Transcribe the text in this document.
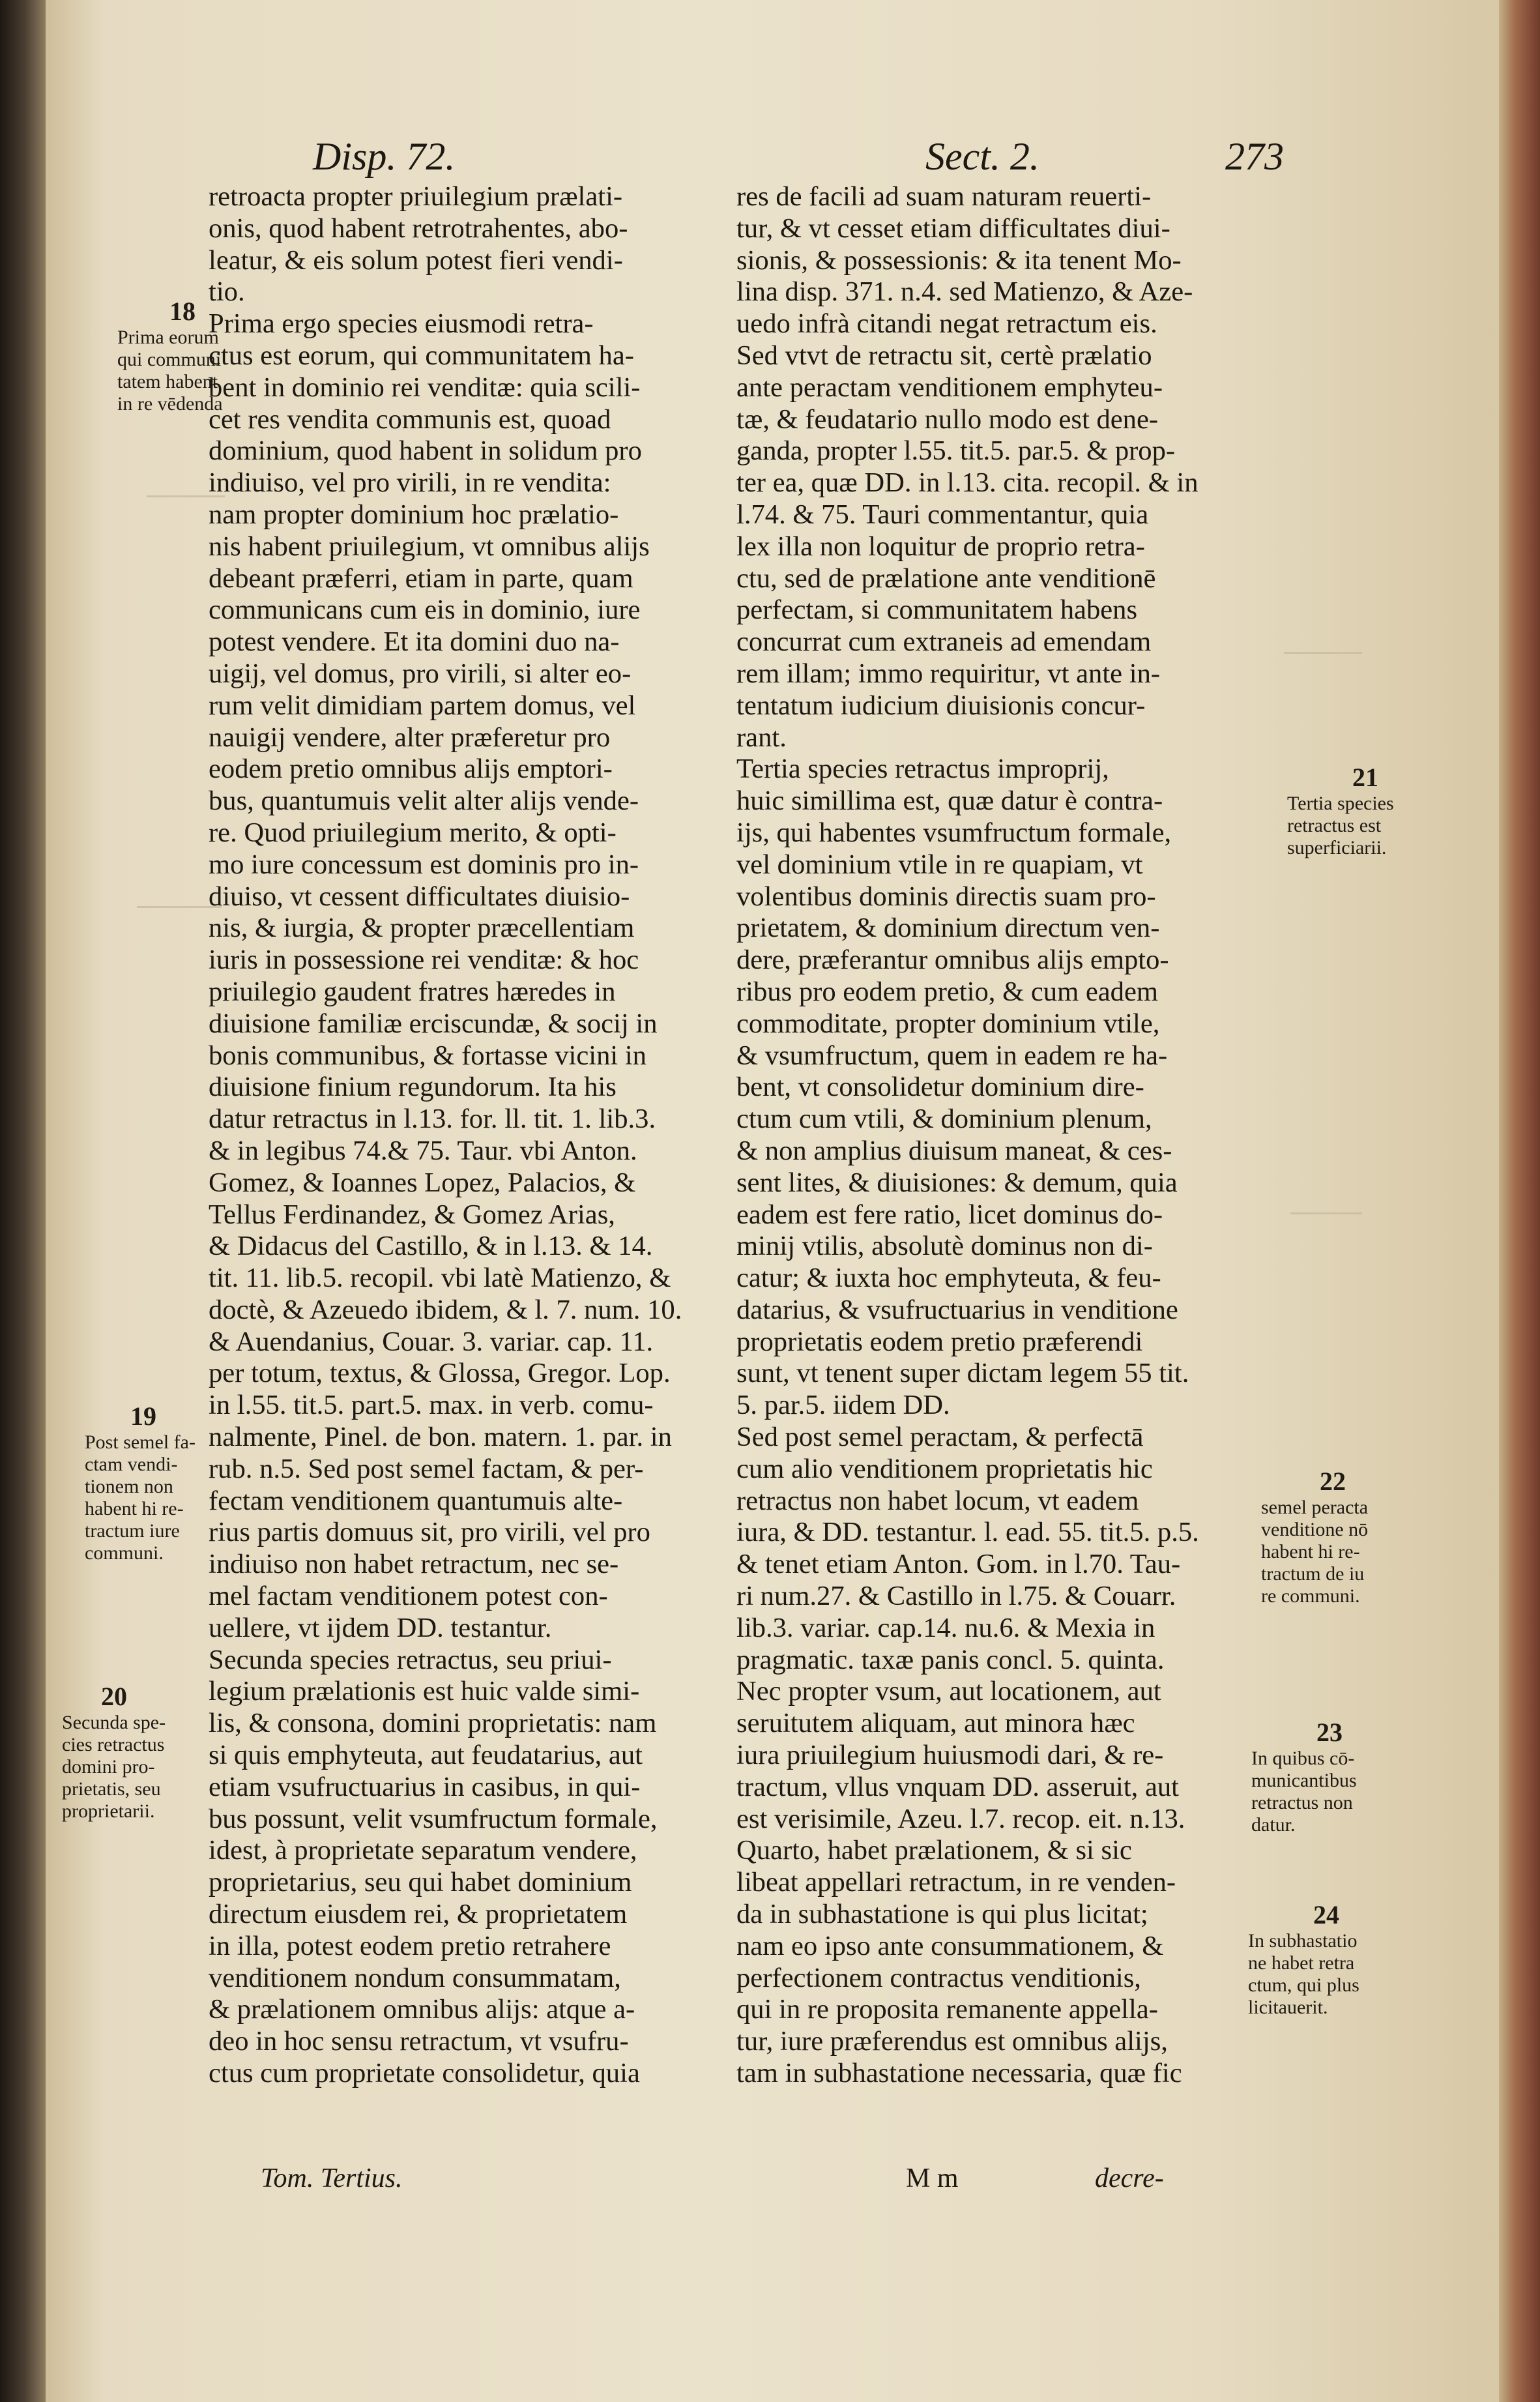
Disp. 72.	Sect. 2.	273
retroacta propter priuilegium prælati-
onis, quod habent retrotrahentes, abo-
leatur, & eis solum potest fieri vendi-
tio.
Prima ergo species eiusmodi retra-
ctus est eorum, qui communitatem ha-
bent in dominio rei venditæ: quia scili-
cet res vendita communis est, quoad
dominium, quod habent in solidum pro
indiuiso, vel pro virili, in re vendita:
nam propter dominium hoc prælatio-
nis habent priuilegium, vt omnibus alijs
debeant præferri, etiam in parte, quam
communicans cum eis in dominio, iure
potest vendere. Et ita domini duo na-
uigij, vel domus, pro virili, si alter eo-
rum velit dimidiam partem domus, vel
nauigij vendere, alter præferetur pro
eodem pretio omnibus alijs emptori-
bus, quantumuis velit alter alijs vende-
re. Quod priuilegium merito, & opti-
mo iure concessum est dominis pro in-
diuiso, vt cessent difficultates diuisio-
nis, & iurgia, & propter præcellentiam
iuris in possessione rei venditæ: & hoc
priuilegio gaudent fratres hæredes in
diuisione familiæ erciscundæ, & socij in
bonis communibus, & fortasse vicini in
diuisione finium regundorum. Ita his
datur retractus in l.13. for. ll. tit. 1. lib.3.
& in legibus 74.& 75. Taur. vbi Anton.
Gomez, & Ioannes Lopez, Palacios, &
Tellus Ferdinandez, & Gomez Arias,
& Didacus del Castillo, & in l.13. & 14.
tit. 11. lib.5. recopil. vbi latè Matienzo, &
doctè, & Azeuedo ibidem, & l. 7. num. 10.
& Auendanius, Couar. 3. variar. cap. 11.
per totum, textus, & Glossa, Gregor. Lop.
in l.55. tit.5. part.5. max. in verb. comu-
nalmente, Pinel. de bon. matern. 1. par. in
rub. n.5. Sed post semel factam, & per-
fectam venditionem quantumuis alte-
rius partis domuus sit, pro virili, vel pro
indiuiso non habet retractum, nec se-
mel factam venditionem potest con-
uellere, vt ijdem DD. testantur.
Secunda species retractus, seu priui-
legium prælationis est huic valde simi-
lis, & consona, domini proprietatis: nam
si quis emphyteuta, aut feudatarius, aut
etiam vsufructuarius in casibus, in qui-
bus possunt, velit vsumfructum formale,
idest, à proprietate separatum vendere,
proprietarius, seu qui habet dominium
directum eiusdem rei, & proprietatem
in illa, potest eodem pretio retrahere
venditionem nondum consummatam,
& prælationem omnibus alijs: atque a-
deo in hoc sensu retractum, vt vsufru-
ctus cum proprietate consolidetur, quia
res de facili ad suam naturam reuerti-
tur, & vt cesset etiam difficultates diui-
sionis, & possessionis: & ita tenent Mo-
lina disp. 371. n.4. sed Matienzo, & Aze-
uedo infrà citandi negat retractum eis.
Sed vtvt de retractu sit, certè prælatio
ante peractam venditionem emphyteu-
tæ, & feudatario nullo modo est dene-
ganda, propter l.55. tit.5. par.5. & prop-
ter ea, quæ DD. in l.13. cita. recopil. & in
l.74. & 75. Tauri commentantur, quia
lex illa non loquitur de proprio retra-
ctu, sed de prælatione ante venditionē
perfectam, si communitatem habens
concurrat cum extraneis ad emendam
rem illam; immo requiritur, vt ante in-
tentatum iudicium diuisionis concur-
rant.
Tertia species retractus improprij,
huic simillima est, quæ datur è contra-
ijs, qui habentes vsumfructum formale,
vel dominium vtile in re quapiam, vt
volentibus dominis directis suam pro-
prietatem, & dominium directum ven-
dere, præferantur omnibus alijs empto-
ribus pro eodem pretio, & cum eadem
commoditate, propter dominium vtile,
& vsumfructum, quem in eadem re ha-
bent, vt consolidetur dominium dire-
ctum cum vtili, & dominium plenum,
& non amplius diuisum maneat, & ces-
sent lites, & diuisiones: & demum, quia
eadem est fere ratio, licet dominus do-
minij vtilis, absolutè dominus non di-
catur; & iuxta hoc emphyteuta, & feu-
datarius, & vsufructuarius in venditione
proprietatis eodem pretio præferendi
sunt, vt tenent super dictam legem 55 tit.
5. par.5. iidem DD.
Sed post semel peractam, & perfectā
cum alio venditionem proprietatis hic
retractus non habet locum, vt eadem
iura, & DD. testantur. l. ead. 55. tit.5. p.5.
& tenet etiam Anton. Gom. in l.70. Tau-
ri num.27. & Castillo in l.75. & Couarr.
lib.3. variar. cap.14. nu.6. & Mexia in
pragmatic. taxæ panis concl. 5. quinta.
Nec propter vsum, aut locationem, aut
seruitutem aliquam, aut minora hæc
iura priuilegium huiusmodi dari, & re-
tractum, vllus vnquam DD. asseruit, aut
est verisimile, Azeu. l.7. recop. eit. n.13.
Quarto, habet prælationem, & si sic
libeat appellari retractum, in re venden-
da in subhastatione is qui plus licitat;
nam eo ipso ante consummationem, &
perfectionem contractus venditionis,
qui in re proposita remanente appella-
tur, iure præferendus est omnibus alijs,
tam in subhastatione necessaria, quæ fic
18
Prima eorum
qui communi
tatem habent
in re vēdenda
19
Post semel fa-
ctam vendi-
tionem non
habent hi re-
tractum iure
communi.
20
Secunda spe-
cies retractus
domini pro-
prietatis, seu
proprietarii.
21
Tertia species
retractus est
superficiarii.
22
semel peracta
venditione nō
habent hi re-
tractum de iu
re communi.
23
In quibus cō-
municantibus
retractus non
datur.
24
In subhastatio
ne habet retra
ctum, qui plus
licitauerit.
Tom. Tertius.	M m	decre-
